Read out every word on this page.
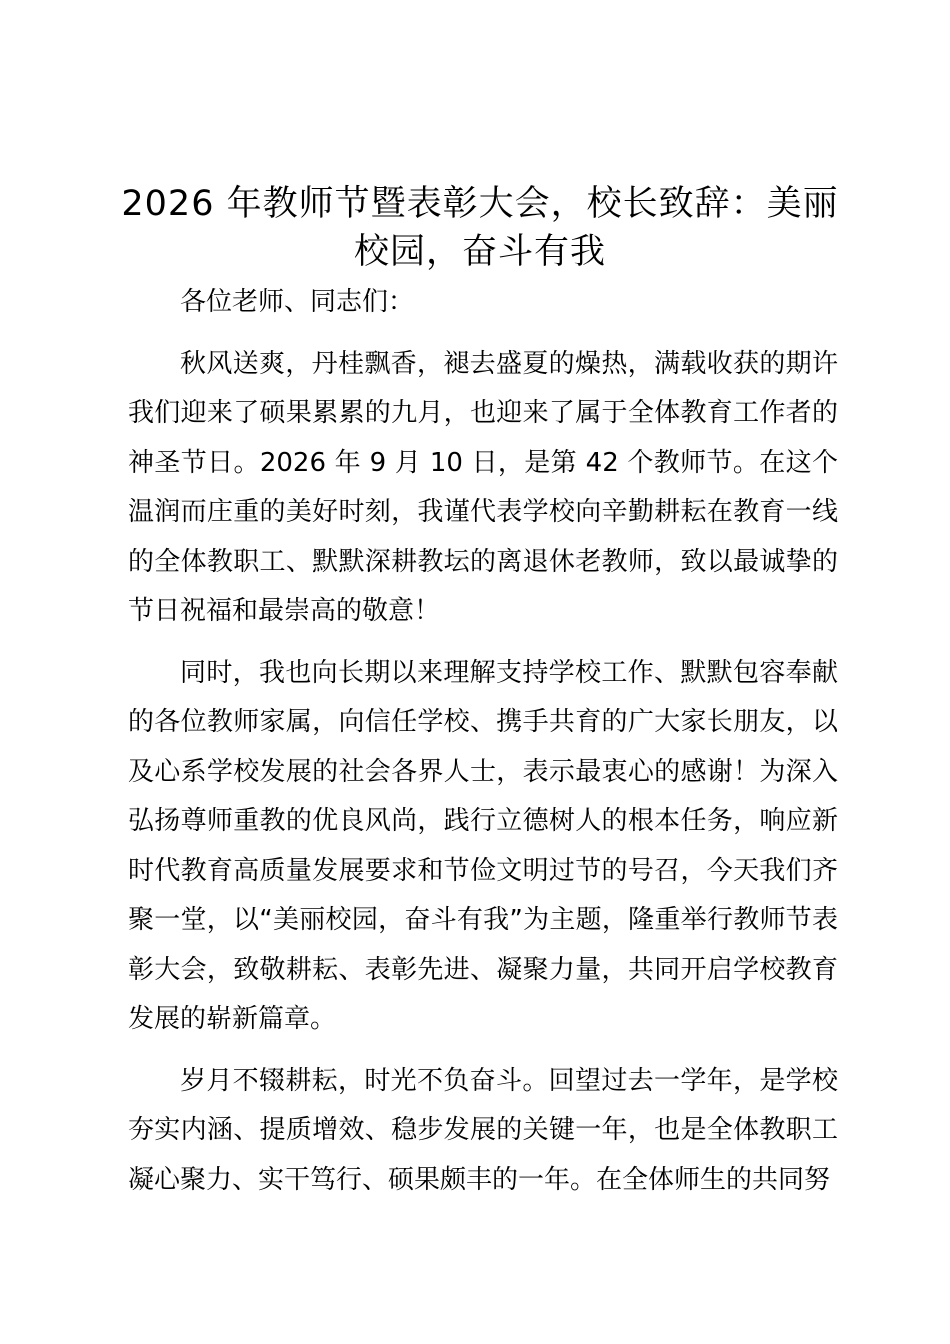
2026 年教师节暨表彰大会，校长致辞：美丽校园，奋斗有我

各位老师、同志们：

秋风送爽，丹桂飘香，褪去盛夏的燥热，满载收获的期许我们迎来了硕果累累的九月，也迎来了属于全体教育工作者的神圣节日。2026 年 9 月 10 日，是第 42 个教师节。在这个温润而庄重的美好时刻，我谨代表学校向辛勤耕耘在教育一线的全体教职工、默默深耕教坛的离退休老教师，致以最诚挚的节日祝福和最崇高的敬意！

同时，我也向长期以来理解支持学校工作、默默包容奉献的各位教师家属，向信任学校、携手共育的广大家长朋友，以及心系学校发展的社会各界人士，表示最衷心的感谢！为深入弘扬尊师重教的优良风尚，践行立德树人的根本任务，响应新时代教育高质量发展要求和节俭文明过节的号召，今天我们齐聚一堂，以“美丽校园，奋斗有我”为主题，隆重举行教师节表彰大会，致敬耕耘、表彰先进、凝聚力量，共同开启学校教育发展的崭新篇章。

岁月不辍耕耘，时光不负奋斗。回望过去一学年，是学校夯实内涵、提质增效、稳步发展的关键一年，也是全体教职工凝心聚力、实干笃行、硕果颇丰的一年。在全体师生的共同努
